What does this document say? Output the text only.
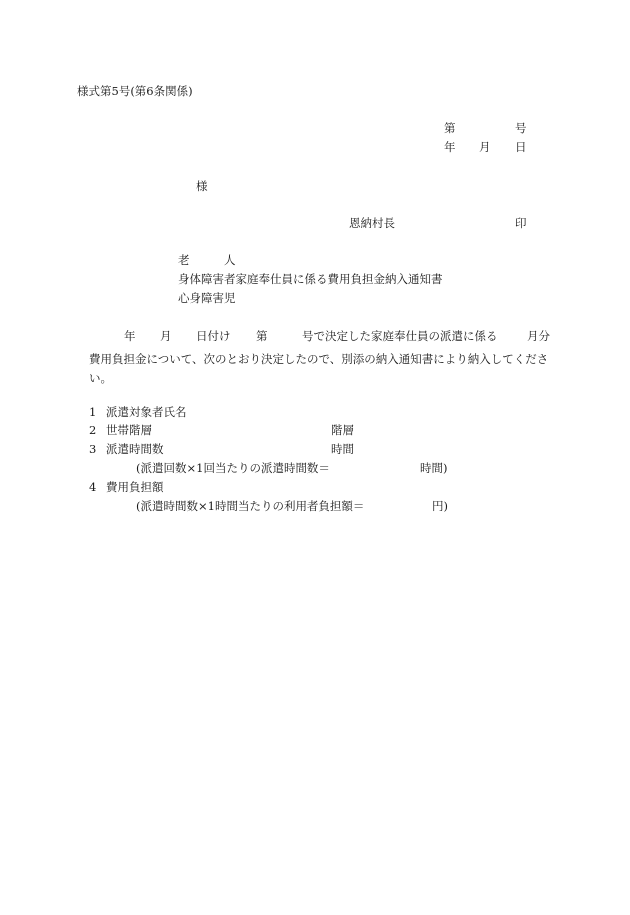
様式第5号(第6条関係)
第	号
年 月 日
様
恩納村長	印
老　　　人
身体障害者家庭奉仕員に係る費用負担金納入通知書
心身障害児
年 月 日付け 第	号で決定した家庭奉仕員の派遣に係る	月分
費用負担金について、次のとおり決定したので、別添の納入通知書により納入してください。
1 派遣対象者氏名
2 世帯階層	階層
3 派遣時間数	時間
(派遣回数×1回当たりの派遣時間数＝	時間)
4 費用負担額
(派遣時間数×1時間当たりの利用者負担額＝	円)
